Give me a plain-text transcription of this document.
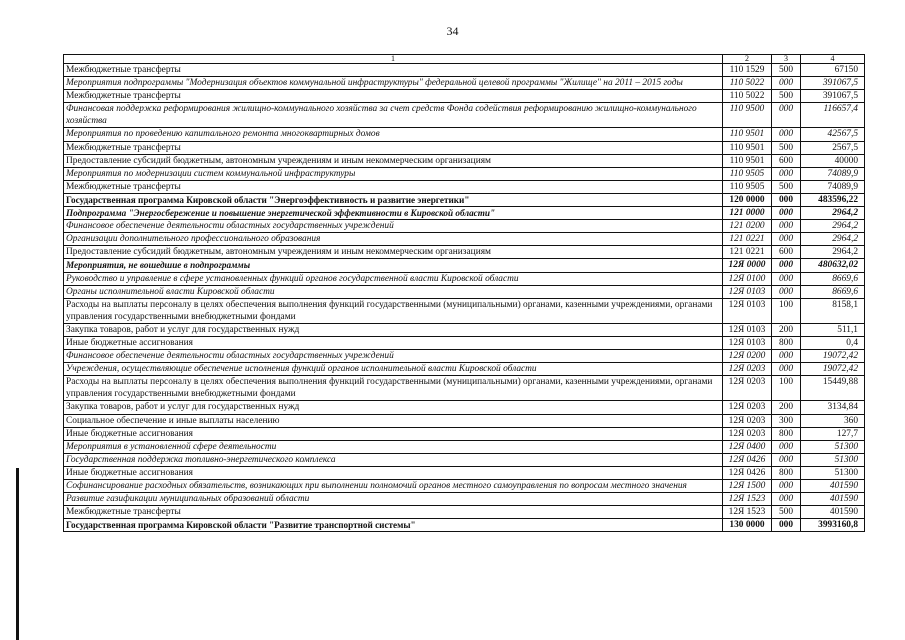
34
1	2	3	4
Межбюджетные трансферты	110 1529	500	67150
Мероприятия подпрограммы "Модернизация объектов коммунальной инфраструктуры" федеральной целевой программы "Жилище" на 2011 – 2015 годы	110 5022	000	391067,5
Межбюджетные трансферты	110 5022	500	391067,5
Финансовая поддержка реформирования жилищно-коммунального хозяйства за счет средств Фонда содействия реформированию жилищно-коммунального хозяйства	110 9500	000	116657,4
Мероприятия по проведению капитального ремонта многоквартирных домов	110 9501	000	42567,5
Межбюджетные трансферты	110 9501	500	2567,5
Предоставление субсидий бюджетным, автономным учреждениям и иным некоммерческим организациям	110 9501	600	40000
Мероприятия по модернизации систем коммунальной инфраструктуры	110 9505	000	74089,9
Межбюджетные трансферты	110 9505	500	74089,9
Государственная программа Кировской области "Энергоэффективность и развитие энергетики"	120 0000	000	483596,22
Подпрограмма "Энергосбережение и повышение энергетической эффективности в Кировской области"	121 0000	000	2964,2
Финансовое обеспечение деятельности областных государственных учреждений	121 0200	000	2964,2
Организации дополнительного профессионального образования	121 0221	000	2964,2
Предоставление субсидий бюджетным, автономным учреждениям и иным некоммерческим организациям	121 0221	600	2964,2
Мероприятия, не вошедшие в подпрограммы	12Я 0000	000	480632,02
Руководство и управление в сфере установленных функций органов государственной власти Кировской области	12Я 0100	000	8669,6
Органы исполнительной власти Кировской области	12Я 0103	000	8669,6
Расходы на выплаты персоналу в целях обеспечения выполнения функций государственными (муниципальными) органами, казенными учреждениями, органами управления государственными внебюджетными фондами	12Я 0103	100	8158,1
Закупка товаров, работ и услуг для государственных нужд	12Я 0103	200	511,1
Иные бюджетные ассигнования	12Я 0103	800	0,4
Финансовое обеспечение деятельности областных государственных учреждений	12Я 0200	000	19072,42
Учреждения, осуществляющие обеспечение исполнения функций органов исполнительной власти Кировской области	12Я 0203	000	19072,42
Расходы на выплаты персоналу в целях обеспечения выполнения функций государственными (муниципальными) органами, казенными учреждениями, органами управления государственными внебюджетными фондами	12Я 0203	100	15449,88
Закупка товаров, работ и услуг для государственных нужд	12Я 0203	200	3134,84
Социальное обеспечение и иные выплаты населению	12Я 0203	300	360
Иные бюджетные ассигнования	12Я 0203	800	127,7
Мероприятия в установленной сфере деятельности	12Я 0400	000	51300
Государственная поддержка топливно-энергетического комплекса	12Я 0426	000	51300
Иные бюджетные ассигнования	12Я 0426	800	51300
Софинансирование расходных обязательств, возникающих при выполнении полномочий органов местного самоуправления по вопросам местного значения	12Я 1500	000	401590
Развитие газификации муниципальных образований области	12Я 1523	000	401590
Межбюджетные трансферты	12Я 1523	500	401590
Государственная программа Кировской области "Развитие транспортной системы"	130 0000	000	3993160,8
